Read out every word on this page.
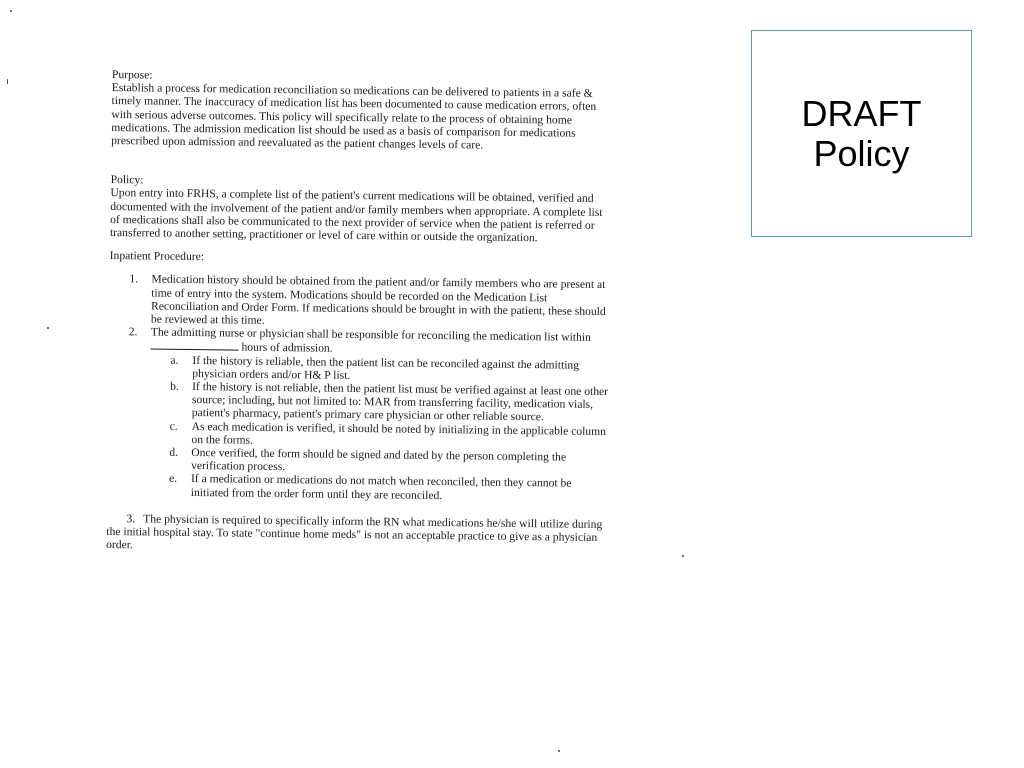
Purpose:

Establish a process for medication reconciliation so medications can be delivered to patients in a safe & timely manner. The inaccuracy of medication list has been documented to cause medication errors, often with serious adverse outcomes. This policy will specifically relate to the process of obtaining home medications. The admission medication list should be used as a basis of comparison for medications prescribed upon admission and reevaluated as the patient changes levels of care.

Policy:

Upon entry into FRHS, a complete list of the patient's current medications will be obtained, verified and documented with the involvement of the patient and/or family members when appropriate. A complete list of medications shall also be communicated to the next provider of service when the patient is referred or transferred to another setting, practitioner or level of care within or outside the organization.

Inpatient Procedure:

1. Medication history should be obtained from the patient and/or family members who are present at time of entry into the system. Modications should be recorded on the Medication List Reconciliation and Order Form. If medications should be brought in with the patient, these should be reviewed at this time.
2. The admitting nurse or physician shall be responsible for reconciling the medication list within  hours of admission.
a. If the history is reliable, then the patient list can be reconciled against the admitting physician orders and/or H& P list.
b. If the history is not reliable, then the patient list must be verified against at least one other source; including, but not limited to: MAR from transferring facility, medication vials, patient's pharmacy, patient's primary care physician or other reliable source.
c. As each medication is verified, it should be noted by initializing in the applicable column on the forms.
d. Once verified, the form should be signed and dated by the person completing the verification process.
e. If a medication or medications do not match when reconciled, then they cannot be initiated from the order form until they are reconciled.

3. The physician is required to specifically inform the RN what medications he/she will utilize during the initial hospital stay. To state "continue home meds" is not an acceptable practice to give as a physician order.

DRAFT
Policy
